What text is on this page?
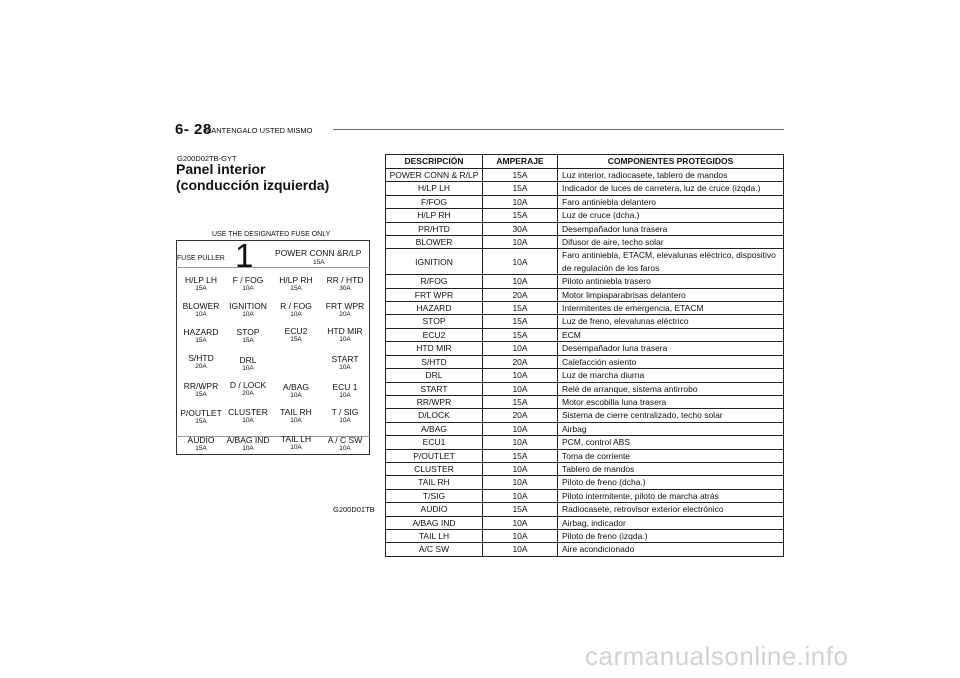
6- 28
MANTENGALO USTED MISMO
G200D02TB-GYT
Panel interior
(conducción izquierda)
USE THE DESIGNATED FUSE ONLY
FUSE PULLER 1	POWER CONN &R/LP
15A
H/LP LH
15A
F / FOG
10A
H/LP RH
15A
RR / HTD
30A
BLOWER
10A
IGNITION
10A
R / FOG
10A
FRT WPR
20A
HAZARD
15A
STOP
15A
ECU2
15A
HTD MIR
10A
S/HTD
20A
DRL
10A
START
10A
RR/WPR
15A
D / LOCK
20A
A/BAG
10A
ECU 1
10A
P/OUTLET
15A
CLUSTER
10A
TAIL RH
10A
T / SIG
10A
AUDIO
15A
A/BAG IND
10A
TAIL LH
10A
A / C SW
10A
G200D01TB
DESCRIPCIÓN	AMPERAJE	COMPONENTES PROTEGIDOS
POWER CONN & R/LP	15A	Luz interior, radiocasete, tablero de mandos
H/LP LH	15A	Indicador de luces de carretera, luz de cruce (izqda.)
F/FOG	10A	Faro antiniebla delantero
H/LP RH	15A	Luz de cruce (dcha.)
PR/HTD	30A	Desempañador luna trasera
BLOWER	10A	Difusor de aire, techo solar
IGNITION	10A	Faro antiniebla, ETACM, elevalunas eléctrico, dispositivo de regulación de los faros
R/FOG	10A	Piloto antiniebla trasero
FRT WPR	20A	Motor limpiaparabrisas delantero
HAZARD	15A	Intermitentes de emergencia, ETACM
STOP	15A	Luz de freno, elevalunas eléctrico
ECU2	15A	ECM
HTD MIR	10A	Desempañador luna trasera
S/HTD	20A	Calefacción asiento
DRL	10A	Luz de marcha diurna
START	10A	Relé de arranque, sistema antirrobo
RR/WPR	15A	Motor escobilla luna trasera
D/LOCK	20A	Sistema de cierre centralizado, techo solar
A/BAG	10A	Airbag
ECU1	10A	PCM, control ABS
P/OUTLET	15A	Toma de corriente
CLUSTER	10A	Tablero de mandos
TAIL RH	10A	Piloto de freno (dcha.)
T/SIG	10A	Piloto intermitente, piloto de marcha atrás
AUDIO	15A	Radiocasete, retrovisor exterior electrónico
A/BAG IND	10A	Airbag, indicador
TAIL LH	10A	Piloto de freno (izqda.)
A/C SW	10A	Aire acondicionado
carmanualsonline.info
